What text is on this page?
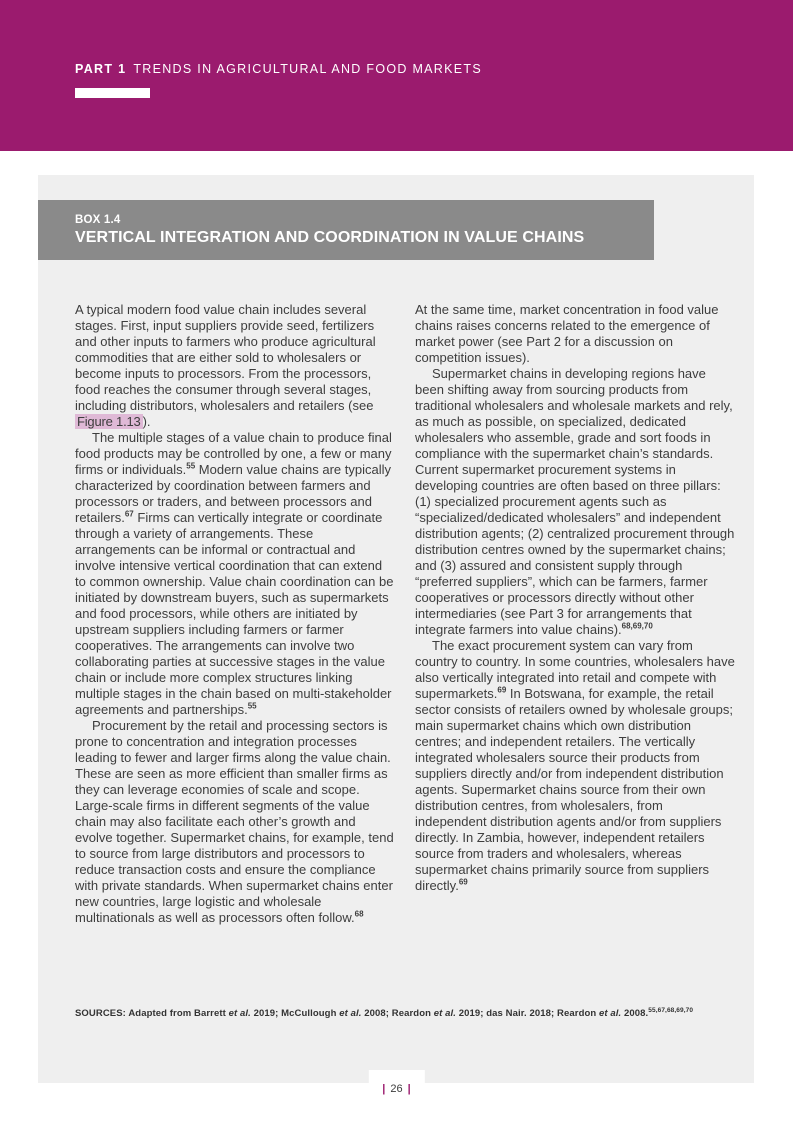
PART 1 TRENDS IN AGRICULTURAL AND FOOD MARKETS
BOX 1.4
VERTICAL INTEGRATION AND COORDINATION IN VALUE CHAINS

A typical modern food value chain includes several stages. First, input suppliers provide seed, fertilizers and other inputs to farmers who produce agricultural commodities that are either sold to wholesalers or become inputs to processors. From the processors, food reaches the consumer through several stages, including distributors, wholesalers and retailers (see Figure 1.13 ).

The multiple stages of a value chain to produce final food products may be controlled by one, a few or many firms or individuals.$^{55}$ Modern value chains are typically characterized by coordination between farmers and processors or traders, and between processors and retailers.$^{67}$ Firms can vertically integrate or coordinate through a variety of arrangements. These arrangements can be informal or contractual and involve intensive vertical coordination that can extend to common ownership. Value chain coordination can be initiated by downstream buyers, such as supermarkets and food processors, while others are initiated by upstream suppliers including farmers or farmer cooperatives. The arrangements can involve two collaborating parties at successive stages in the value chain or include more complex structures linking multiple stages in the chain based on multi-stakeholder agreements and partnerships.$^{55}$

Procurement by the retail and processing sectors is prone to concentration and integration processes leading to fewer and larger firms along the value chain. These are seen as more efficient than smaller firms as they can leverage economies of scale and scope. Large-scale firms in different segments of the value chain may also facilitate each other’s growth and evolve together. Supermarket chains, for example, tend to source from large distributors and processors to reduce transaction costs and ensure the compliance with private standards. When supermarket chains enter new countries, large logistic and wholesale multinationals as well as processors often follow.$^{68}$

At the same time, market concentration in food value chains raises concerns related to the emergence of market power (see Part 2 for a discussion on competition issues).

Supermarket chains in developing regions have been shifting away from sourcing products from traditional wholesalers and wholesale markets and rely, as much as possible, on specialized, dedicated wholesalers who assemble, grade and sort foods in compliance with the supermarket chain’s standards. Current supermarket procurement systems in developing countries are often based on three pillars: (1) specialized procurement agents such as “specialized/dedicated wholesalers” and independent distribution agents; (2) centralized procurement through distribution centres owned by the supermarket chains; and (3) assured and consistent supply through “preferred suppliers”, which can be farmers, farmer cooperatives or processors directly without other intermediaries (see Part 3 for arrangements that integrate farmers into value chains).$^{68,69,70}$

The exact procurement system can vary from country to country. In some countries, wholesalers have also vertically integrated into retail and compete with supermarkets.$^{69}$ In Botswana, for example, the retail sector consists of retailers owned by wholesale groups; main supermarket chains which own distribution centres; and independent retailers. The vertically integrated wholesalers source their products from suppliers directly and/or from independent distribution agents. Supermarket chains source from their own distribution centres, from wholesalers, from independent distribution agents and/or from suppliers directly. In Zambia, however, independent retailers source from traders and wholesalers, whereas supermarket chains primarily source from suppliers directly.$^{69}$

SOURCES: Adapted from Barrett et al. 2019; McCullough et al. 2008; Reardon et al. 2019; das Nair. 2018; Reardon et al. 2008.$^{55,67,68,69,70}$
| 26 |
